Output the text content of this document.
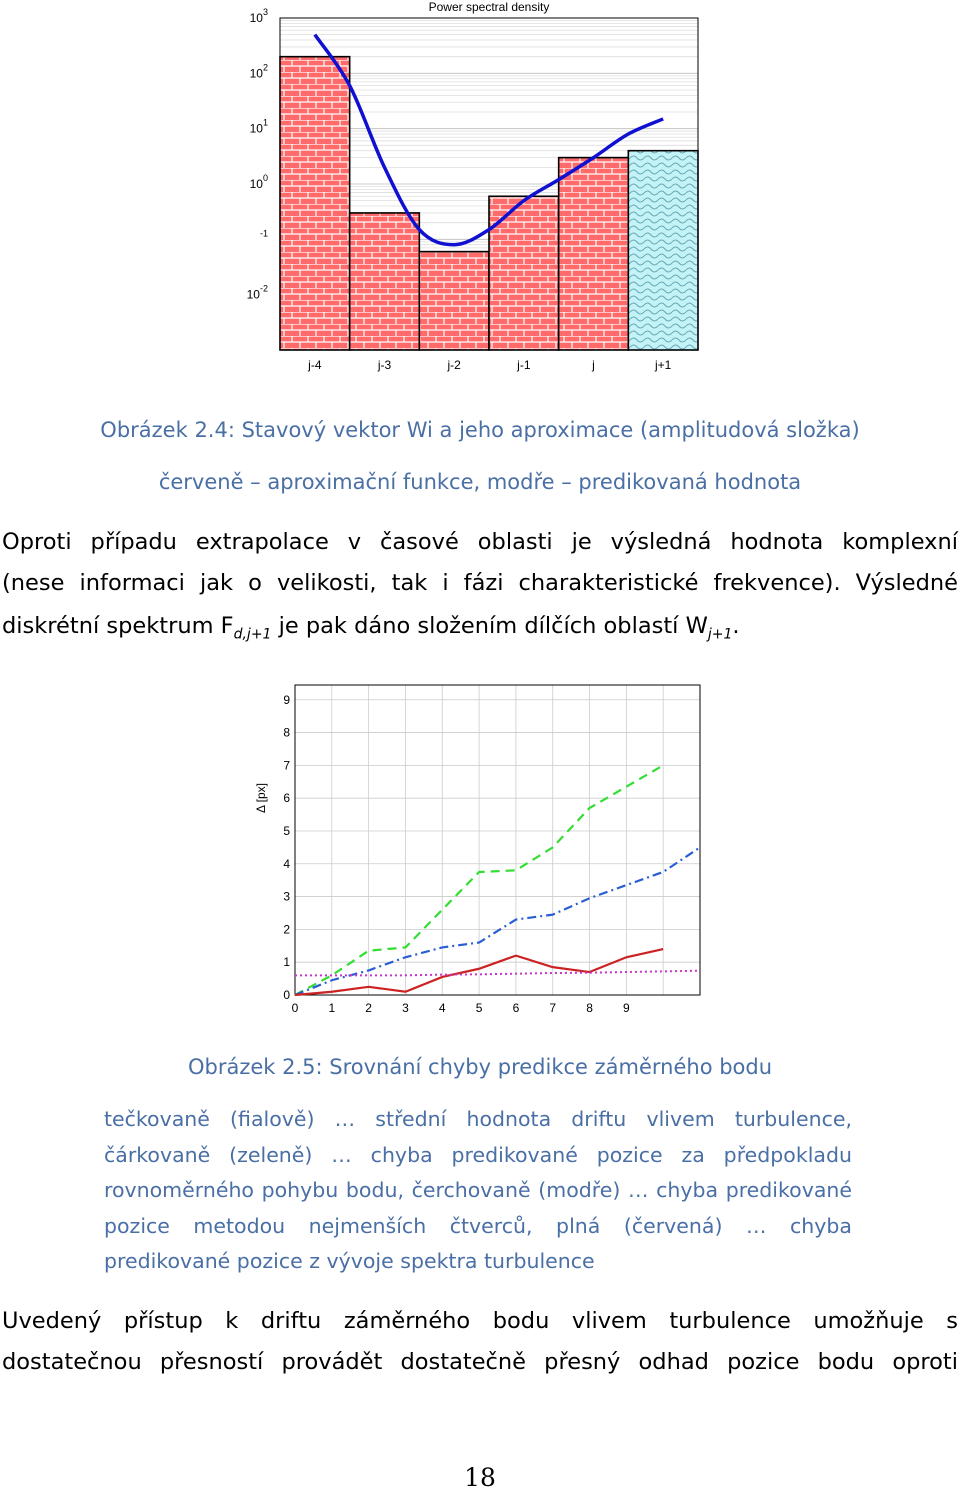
Power spectral density
$10^3$
$10^2$
$10^1$
$10^0$
$^{-1}$
$10^{-2}$
j-4	j-3	j-2	j-1	j	j+1
Obrázek 2.4: Stavový vektor Wi a jeho aproximace (amplitudová složka)
červeně – aproximační funkce, modře – predikovaná hodnota
Oproti případu extrapolace v časové oblasti je výsledná hodnota komplexní
(nese informaci jak o velikosti, tak i fázi charakteristické frekvence). Výsledné
diskrétní spektrum $F_{d,j+1}$ je pak dáno složením dílčích oblastí $W_{j+1}$.
0
1
2
3
4
5
6
7
8
9
0	1	2	3	4	5	6	7	8	9
Δ [px]
Obrázek 2.5: Srovnání chyby predikce záměrného bodu
tečkovaně (fialově) … střední hodnota driftu vlivem turbulence,
čárkovaně (zeleně) … chyba predikované pozice za předpokladu
rovnoměrného pohybu bodu, čerchovaně (modře) … chyba predikované
pozice metodou nejmenších čtverců, plná (červená) … chyba
predikované pozice z vývoje spektra turbulence
Uvedený přístup k driftu záměrného bodu vlivem turbulence umožňuje s
dostatečnou přesností provádět dostatečně přesný odhad pozice bodu oproti
18
